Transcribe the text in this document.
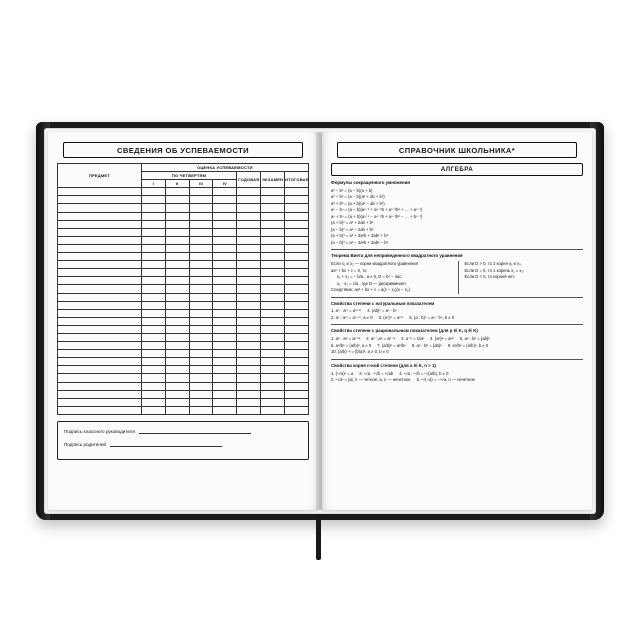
СВЕДЕНИЯ ОБ УСПЕВАЕМОСТИ
ПРЕДМЕТ	ОЦЕНКА УСПЕВАЕМОСТИ						
	ПО ЧЕТВЕРТЯМ				ГОДОВАЯ	ЭКЗАМЕН	ИТОГОВАЯ
	I	II	III	IV			

Подпись классного руководителя
Подпись родителей
СПРАВОЧНИК ШКОЛЬНИКА*
АЛГЕБРА
Формулы сокращенного умножения
a² − b² = (a − b)(a + b)
a² − b² = (a − b)(a² + ab + b²)
a³ + b³ = (a + b)(a² − ab + b²)
aⁿ − bⁿ = (a − b)(aⁿ⁻¹ + aⁿ⁻²b + aⁿ⁻³b² + … + aⁿ⁻¹)
aⁿ + bⁿ = (a + b)(aⁿ⁻¹ − aⁿ⁻²b + aⁿ⁻³b² − … + bⁿ⁻¹)
(a + b)² = a² + 2ab + b²
(a − b)² = a² − 2ab + b²
(a + b)³ = a³ + 3a²b + 3ab² + b³
(a − b)³ = a³ − 3a²b + 3ab² − b³
Теорема Виета для неприведенного квадратного уравнения
Если x₁ и x₂ — корни квадратного уравнения
ax² + bx + c = 0, то
x₁ + x₂ = − b/a , a ≠ 0, D = b² − 4ac,
x₁ · x₂ = c/a , где D — дискриминант.
Следствие: ax² + bx + c = a(x − x₁)(x − x₂).
Если D > 0, то 2 корня x₁ и x₂.
Если D = 0, то 1 корень x₁ = x₂.
Если D < 0, то корней нет.
Свойства степени с натуральным показателем
1. aⁿ · aᵐ = aⁿ⁺ᵐ 4. (ab)ⁿ = aⁿ · bⁿ
2. aⁿ : aᵐ = aⁿ⁻ᵐ, a ≠ 0 3. (aⁿ)ᵐ = aⁿᵐ 5. (a : b)ⁿ = aⁿ : bⁿ, b ≠ 0
Свойства степени с рациональным показателем (для p ∈ K, q ∈ K)
1. aᵖ · aᵠ = aᵖ⁺ᵠ 2. aᵖ : aᵠ = aᵖ⁻ᵠ 3. a⁻ᵖ = 1/aᵖ 4. (aᵖ)ᵠ = aᵖᵠ 5. aᵖ · bᵖ = (ab)ᵖ
6. aᵖ/bᵖ = (a/b)ᵖ, a ≠ 0 7. (a/b)ᵖ = aᵖ/bᵖ 8. aᵖ · bᵖ = (ab)ᵖ 9. aᵖ/bᵖ = (a/b)ᵖ, b ≠ 0
10. (a/b)⁻ᵖ = (b/a)ᵖ, a ≠ 0, b ≠ 0
Свойства корня n-ной степени (для a ∈ K, n > 1)
1. (ⁿ√a)ⁿ = a 3. ⁿ√a · ⁿ√b = ⁿ√ab 4. ⁿ√a : ⁿ√b = ⁿ√(a/b), b ≠ 0
2. ⁿ√aⁿ = |a|, n — четное; a, n — нечетное 5. ⁿ√(−a) = −ⁿ√a, n — нечетное
